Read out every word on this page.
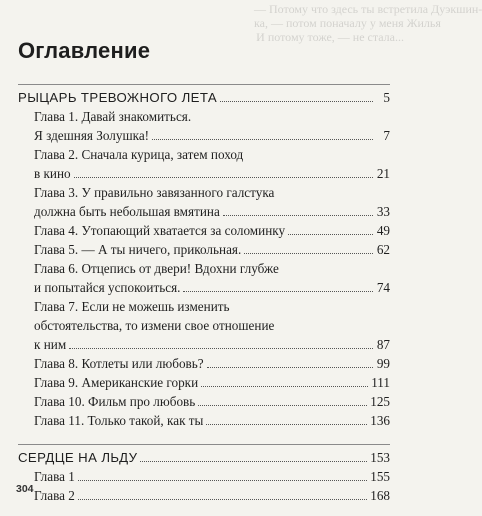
— Потому что здесь ты встретила Дуэкшин-
ка, — потом поначалу у меня Жилья
И потому тоже, — не стала...
Оглавление
РЫЦАРЬ ТРЕВОЖНОГО ЛЕТА	5
Глава 1. Давай знакомиться.
Я здешняя Золушка!	7
Глава 2. Сначала курица, затем поход
в кино	21
Глава 3. У правильно завязанного галстука
должна быть небольшая вмятина	33
Глава 4. Утопающий хватается за соломинку	49
Глава 5. — А ты ничего, прикольная.	62
Глава 6. Отцепись от двери! Вдохни глубже
и попытайся успокоиться.	74
Глава 7. Если не можешь изменить
обстоятельства, то измени свое отношение
к ним	87
Глава 8. Котлеты или любовь?	99
Глава 9. Американские горки	111
Глава 10. Фильм про любовь	125
Глава 11. Только такой, как ты	136
СЕРДЦЕ НА ЛЬДУ	153
Глава 1	155
Глава 2	168
304
